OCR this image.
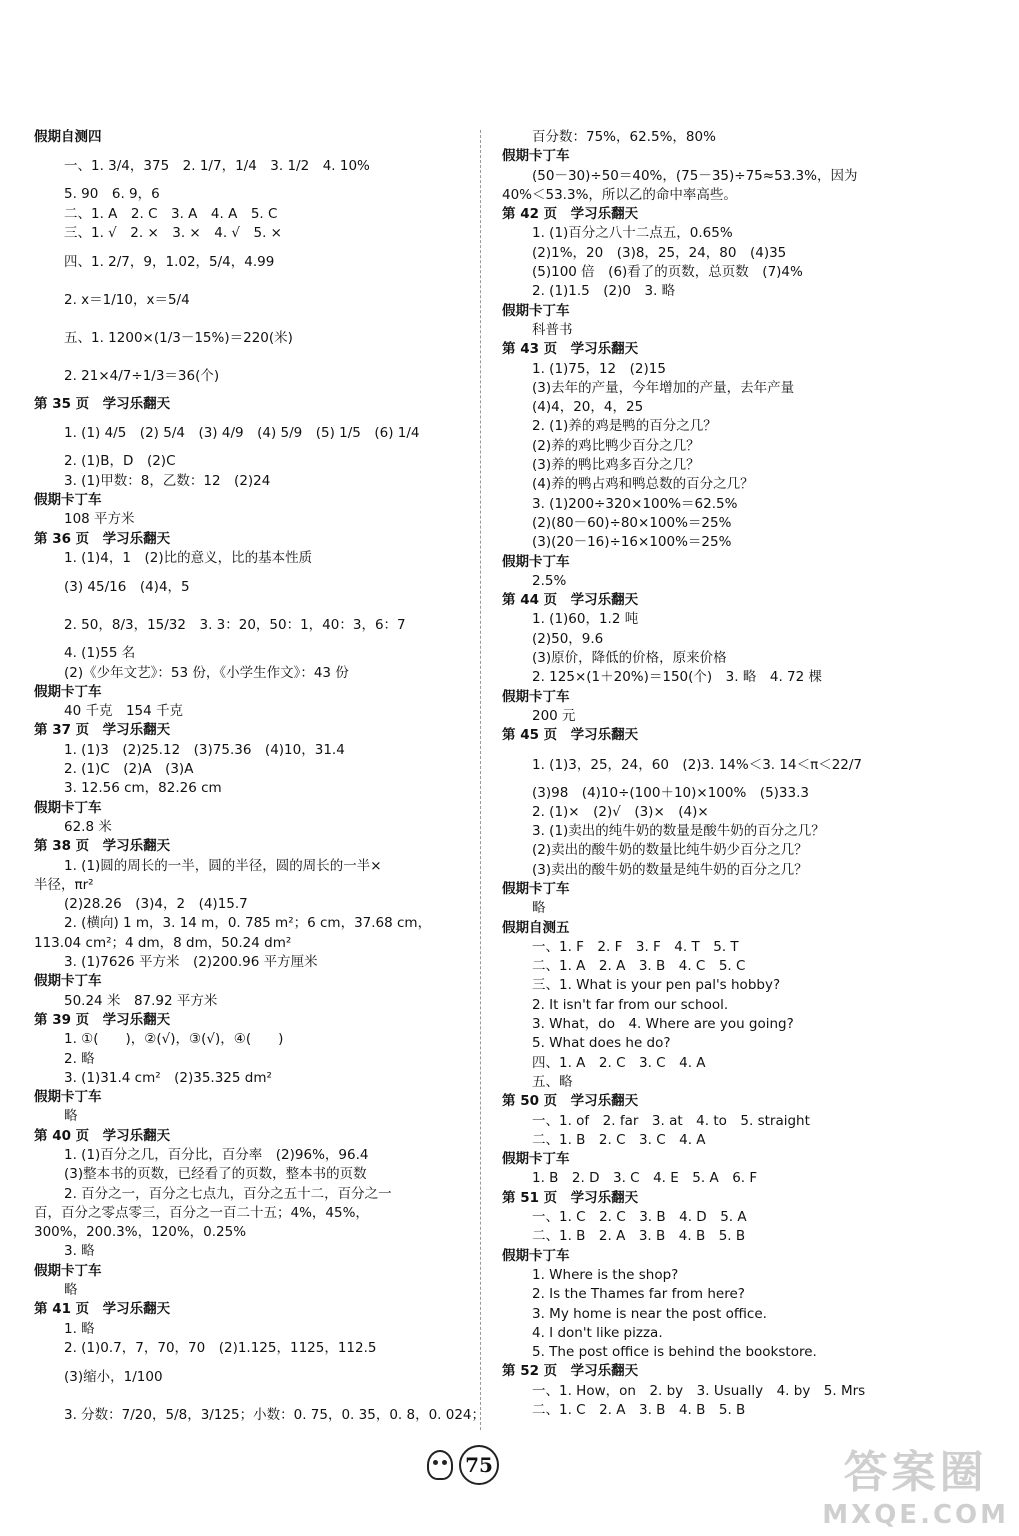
假期自测四
一、1. 3/4，375　2. 1/7，1/4　3. 1/2　4. 10%
5. 90　6. 9，6
二、1. A　2. C　3. A　4. A　5. C
三、1. √　2. ×　3. ×　4. √　5. ×
四、1. 2/7，9，1.02，5/4，4.99
2. x＝1/10，x＝5/4
五、1. 1200×(1/3－15%)＝220(米)
2. 21×4/7÷1/3＝36(个)
第 35 页　学习乐翻天
1. (1) 4/5　(2) 5/4　(3) 4/9　(4) 5/9　(5) 1/5　(6) 1/4
2. (1)B，D　(2)C
3. (1)甲数：8，乙数：12　(2)24
假期卡丁车
108 平方米
第 36 页　学习乐翻天
1. (1)4，1　(2)比的意义，比的基本性质
(3) 45/16　(4)4，5
2. 50，8/3，15/32　3. 3：20，50：1，40：3，6：7
4. (1)55 名
(2)《少年文艺》：53 份，《小学生作文》：43 份
假期卡丁车
40 千克　154 千克
第 37 页　学习乐翻天
1. (1)3　(2)25.12　(3)75.36　(4)10，31.4
2. (1)C　(2)A　(3)A
3. 12.56 cm，82.26 cm
假期卡丁车
62.8 米
第 38 页　学习乐翻天
1. (1)圆的周长的一半，圆的半径，圆的周长的一半×
半径，πr²
(2)28.26　(3)4，2　(4)15.7
2. (横向) 1 m，3. 14 m，0. 785 m²；6 cm，37.68 cm，
113.04 cm²；4 dm，8 dm，50.24 dm²
3. (1)7626 平方米　(2)200.96 平方厘米
假期卡丁车
50.24 米　87.92 平方米
第 39 页　学习乐翻天
1. ①(　　)，②(√)，③(√)，④(　　)
2. 略
3. (1)31.4 cm²　(2)35.325 dm²
假期卡丁车
略
第 40 页　学习乐翻天
1. (1)百分之几，百分比，百分率　(2)96%，96.4
(3)整本书的页数，已经看了的页数，整本书的页数
2. 百分之一，百分之七点九，百分之五十二，百分之一
百，百分之零点零三，百分之一百二十五；4%，45%，
300%，200.3%，120%，0.25%
3. 略
假期卡丁车
略
第 41 页　学习乐翻天
1. 略
2. (1)0.7，7，70，70　(2)1.125，1125，112.5
(3)缩小，1/100
3. 分数：7/20，5/8，3/125；小数：0. 75，0. 35，0. 8，0. 024；
百分数：75%，62.5%，80%
假期卡丁车
(50－30)÷50＝40%，(75－35)÷75≈53.3%，因为
40%＜53.3%，所以乙的命中率高些。
第 42 页　学习乐翻天
1. (1)百分之八十二点五，0.65%
(2)1%，20　(3)8，25，24，80　(4)35
(5)100 倍　(6)看了的页数，总页数　(7)4%
2. (1)1.5　(2)0　3. 略
假期卡丁车
科普书
第 43 页　学习乐翻天
1. (1)75，12　(2)15
(3)去年的产量，今年增加的产量，去年产量
(4)4，20，4，25
2. (1)养的鸡是鸭的百分之几？
(2)养的鸡比鸭少百分之几？
(3)养的鸭比鸡多百分之几？
(4)养的鸭占鸡和鸭总数的百分之几？
3. (1)200÷320×100%＝62.5%
(2)(80－60)÷80×100%＝25%
(3)(20－16)÷16×100%＝25%
假期卡丁车
2.5%
第 44 页　学习乐翻天
1. (1)60，1.2 吨
(2)50，9.6
(3)原价，降低的价格，原来价格
2. 125×(1＋20%)＝150(个)　3. 略　4. 72 棵
假期卡丁车
200 元
第 45 页　学习乐翻天
1. (1)3，25，24，60　(2)3. 14%＜3. 14＜π＜22/7
(3)98　(4)10÷(100＋10)×100%　(5)33.3
2. (1)×　(2)√　(3)×　(4)×
3. (1)卖出的纯牛奶的数量是酸牛奶的百分之几？
(2)卖出的酸牛奶的数量比纯牛奶少百分之几？
(3)卖出的酸牛奶的数量是纯牛奶的百分之几？
假期卡丁车
略
假期自测五
一、1. F　2. F　3. F　4. T　5. T
二、1. A　2. A　3. B　4. C　5. C
三、1. What is your pen pal's hobby?
2. It isn't far from our school.
3. What，do　4. Where are you going?
5. What does he do?
四、1. A　2. C　3. C　4. A
五、略
第 50 页　学习乐翻天
一、1. of　2. far　3. at　4. to　5. straight
二、1. B　2. C　3. C　4. A
假期卡丁车
1. B　2. D　3. C　4. E　5. A　6. F
第 51 页　学习乐翻天
一、1. C　2. C　3. B　4. D　5. A
二、1. B　2. A　3. B　4. B　5. B
假期卡丁车
1. Where is the shop?
2. Is the Thames far from here?
3. My home is near the post office.
4. I don't like pizza.
5. The post office is behind the bookstore.
第 52 页　学习乐翻天
一、1. How，on　2. by　3. Usually　4. by　5. Mrs
二、1. C　2. A　3. B　4. B　5. B
75	答案圈
MXQE.COM
